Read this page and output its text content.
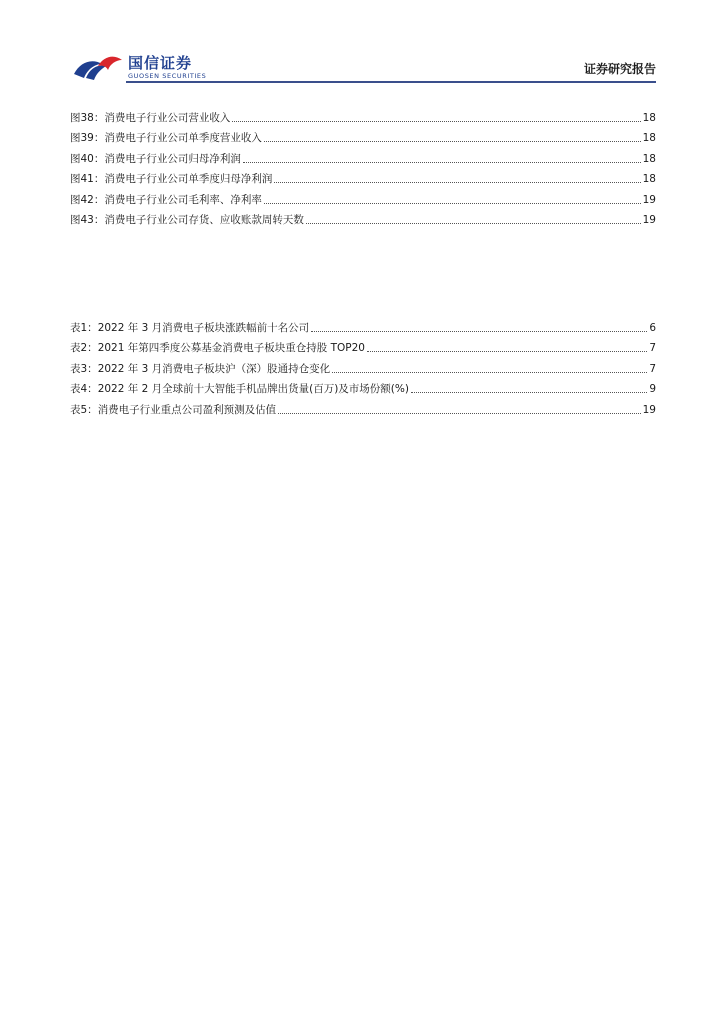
国信证券
GUOSEN SECURITIES	证券研究报告
图38： 消费电子行业公司营业收入	18
图39： 消费电子行业公司单季度营业收入	18
图40： 消费电子行业公司归母净利润	18
图41： 消费电子行业公司单季度归母净利润	18
图42： 消费电子行业公司毛利率、净利率	19
图43： 消费电子行业公司存货、应收账款周转天数	19
表1： 2022 年 3 月消费电子板块涨跌幅前十名公司	6
表2： 2021 年第四季度公募基金消费电子板块重仓持股 TOP20	7
表3： 2022 年 3 月消费电子板块沪（深）股通持仓变化	7
表4： 2022 年 2 月全球前十大智能手机品牌出货量(百万)及市场份额(%)	9
表5： 消费电子行业重点公司盈利预测及估值	19
